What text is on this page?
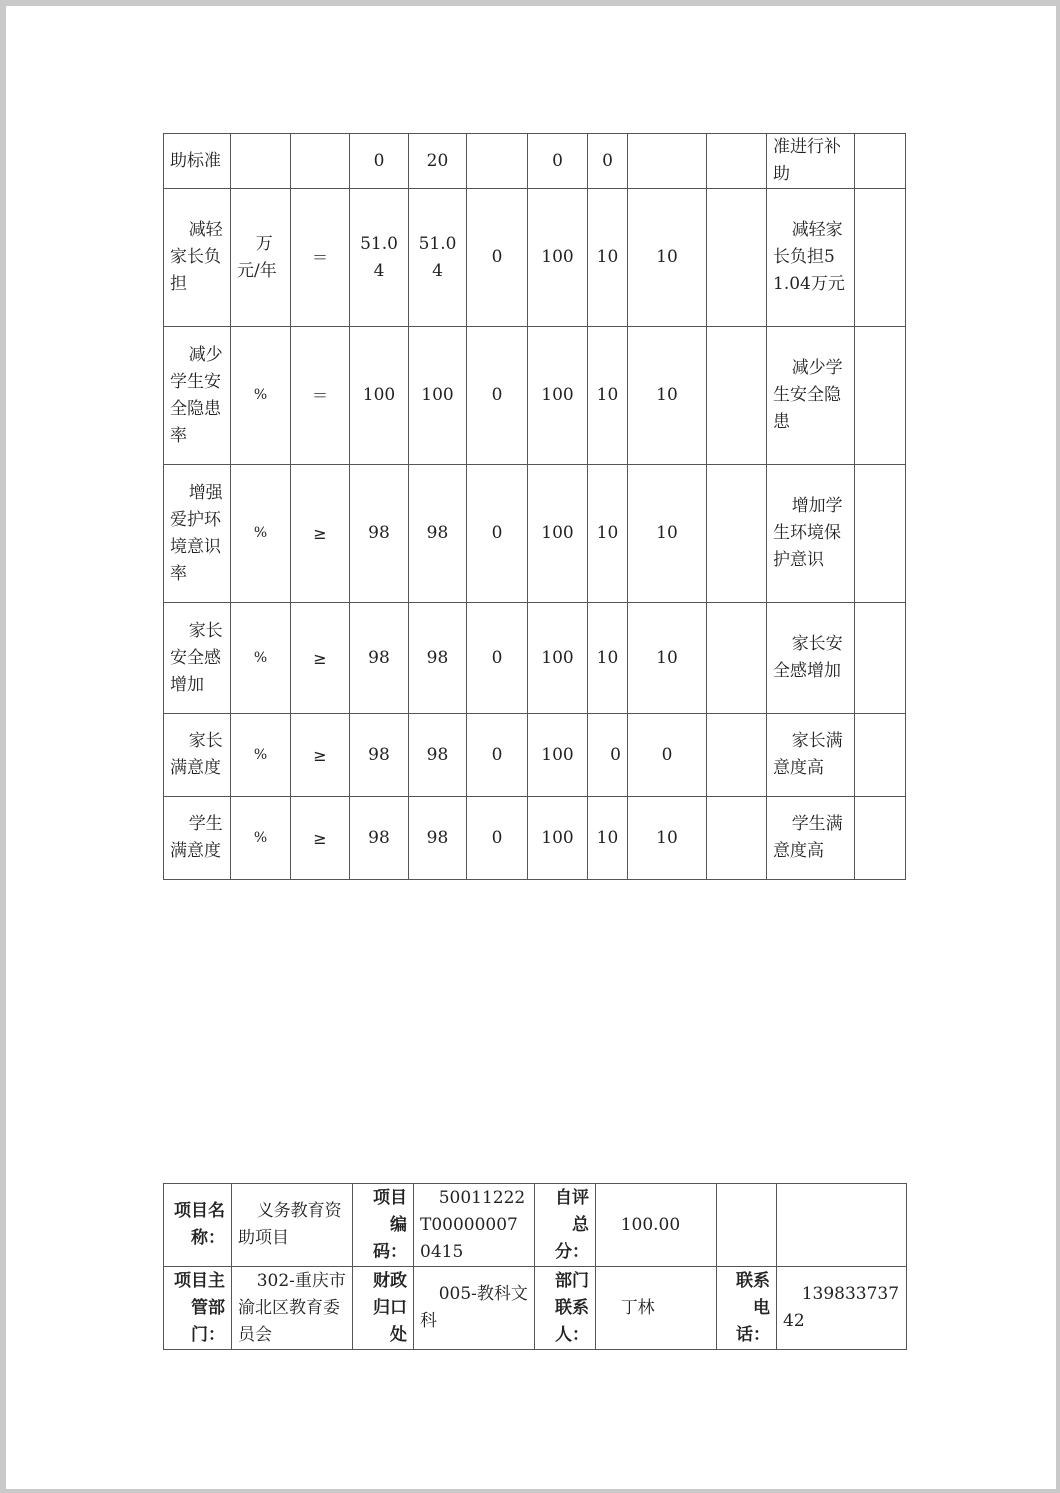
助标准			0	20		0	0			准进行补助	
减轻家长负担	万元/年	＝	51.04	51.04	0	100	10	10		减轻家长负担51.04万元	
减少学生安全隐患率	%	＝	100	100	0	100	10	10		减少学生安全隐患	
增强爱护环境意识率	%	≥	98	98	0	100	10	10		增加学生环境保护意识	
家长安全感增加	%	≥	98	98	0	100	10	10		家长安全感增加	
家长满意度	%	≥	98	98	0	100	0	0		家长满意度高	
学生满意度	%	≥	98	98	0	100	10	10		学生满意度高	
项目名称：	义务教育资助项目	项目编码：	50011222T000000070415	自评总分：	100.00		
项目主管部门：	302-重庆市渝北区教育委员会	财政归口处	005-教科文科	部门联系人：	丁林	联系电话：	13983373742
